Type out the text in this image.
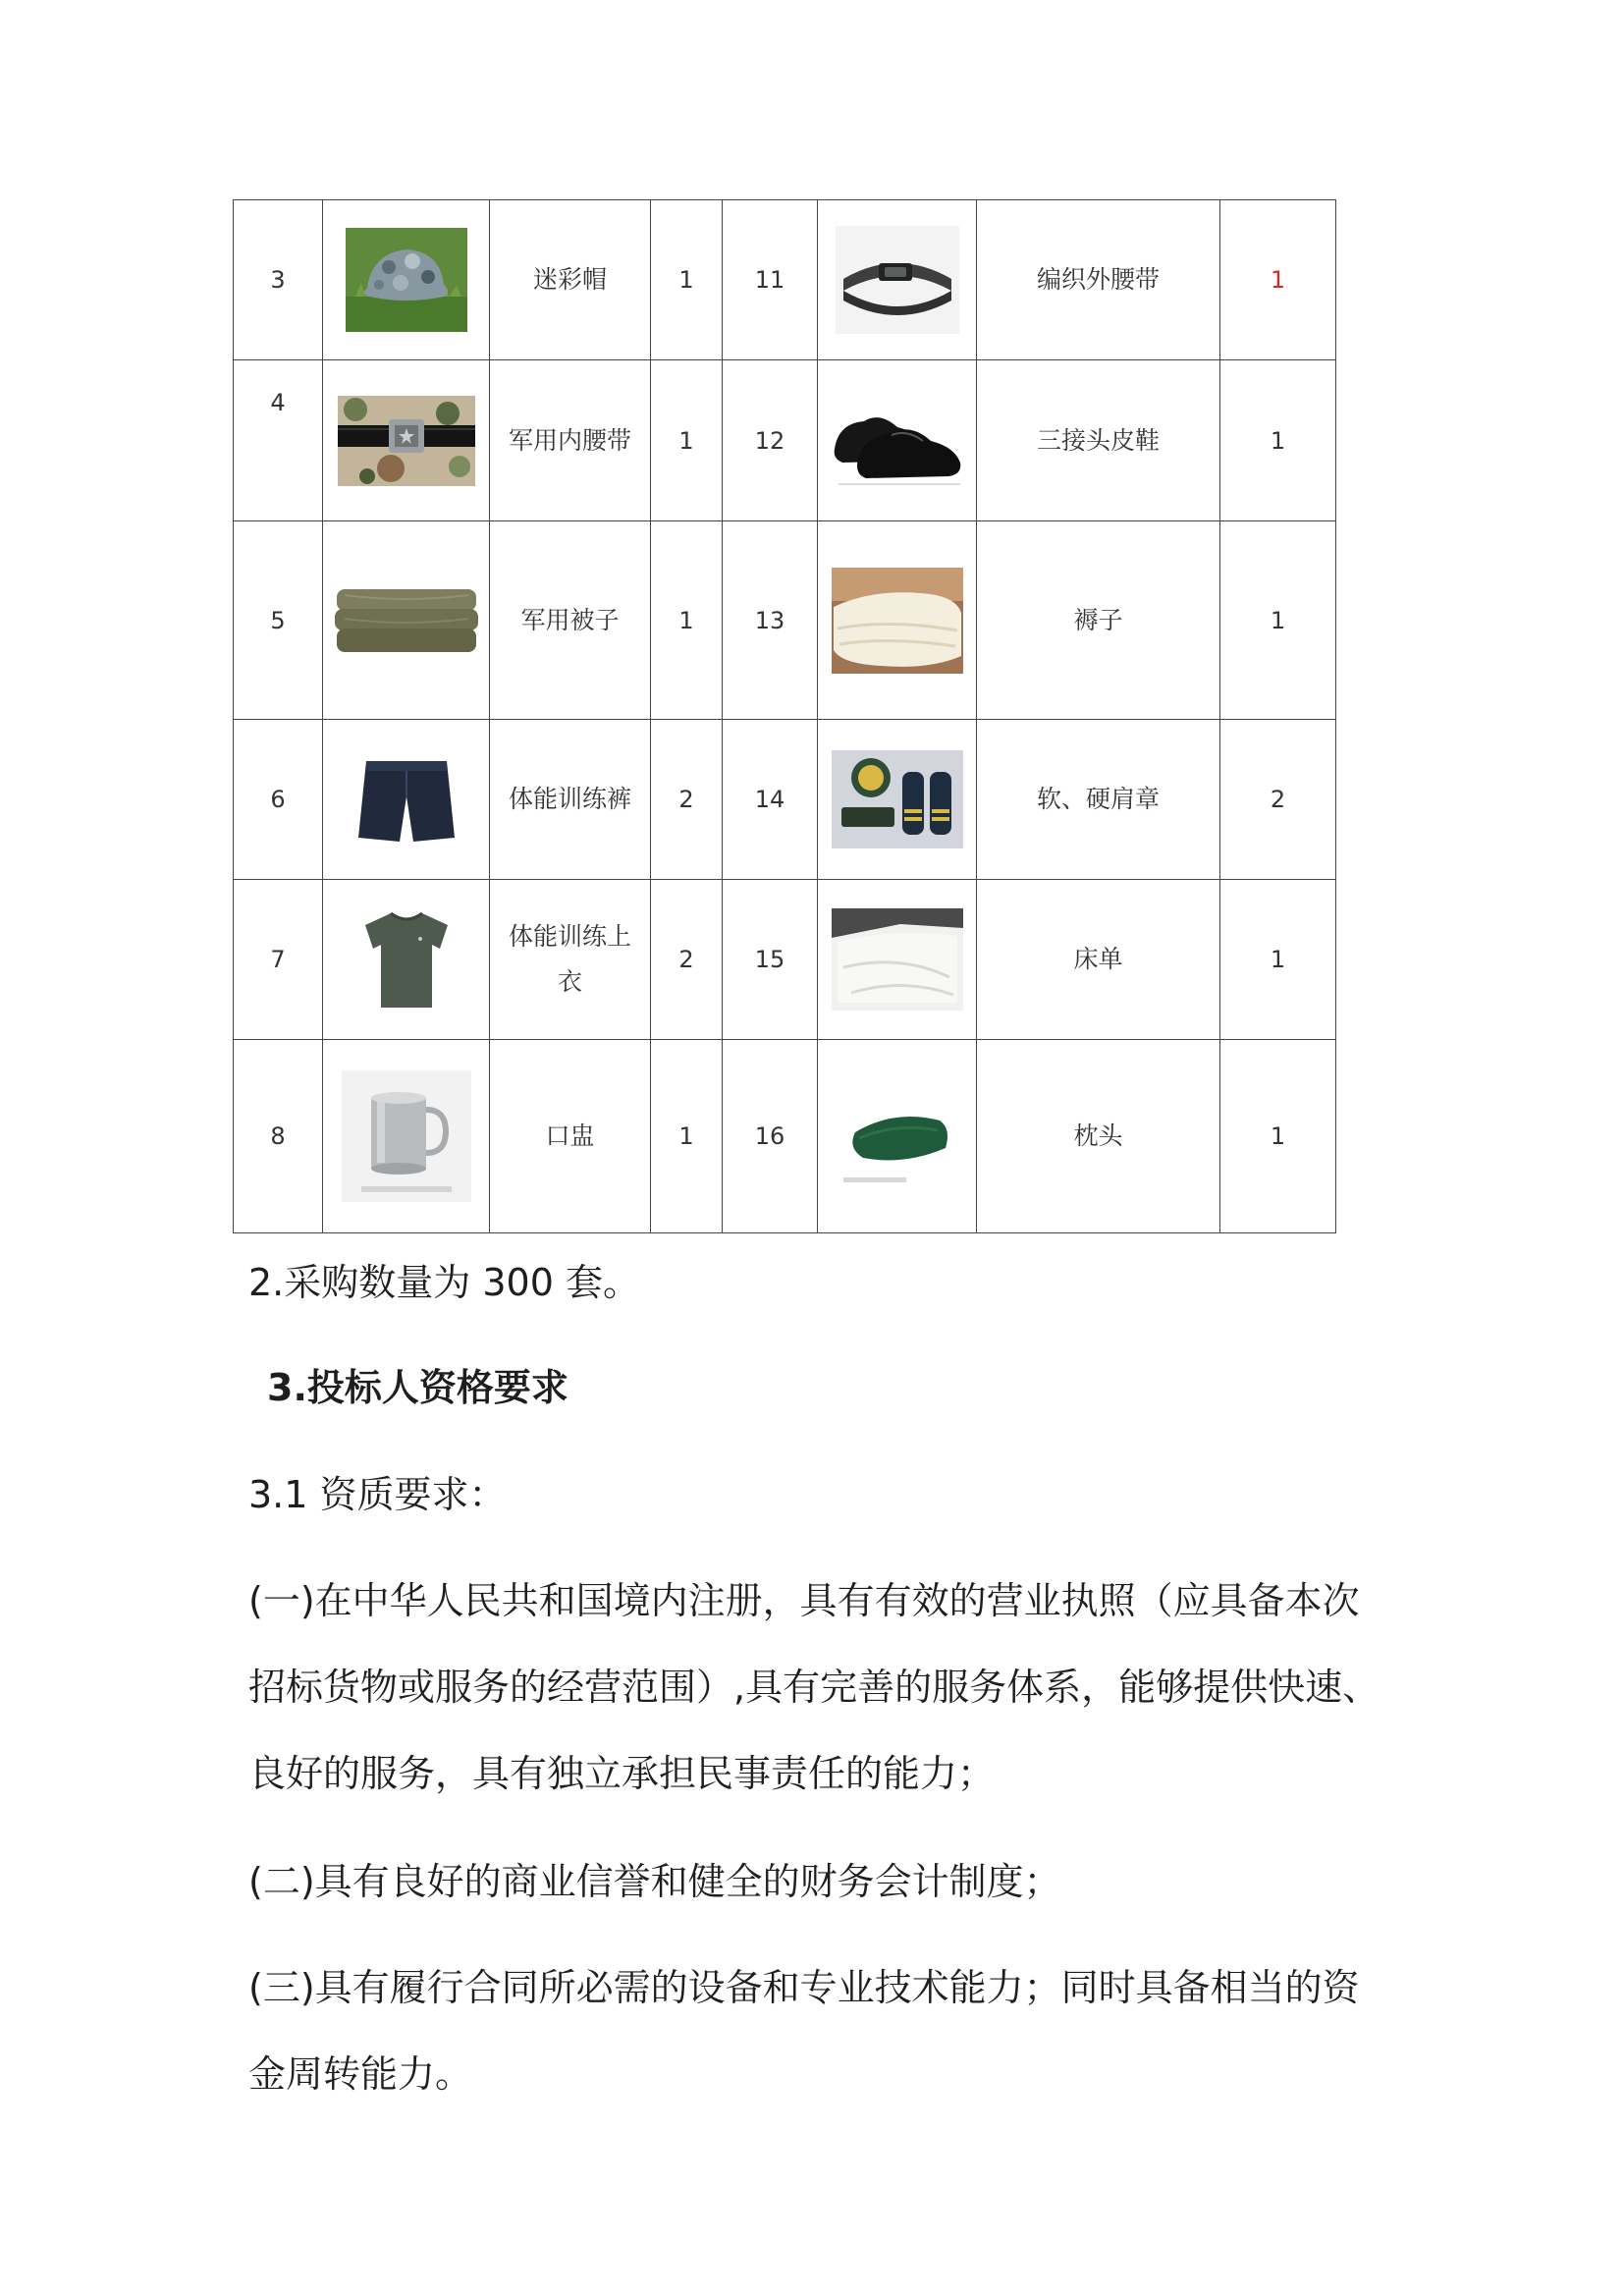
3		迷彩帽	1	11		编织外腰带	1
4		军用内腰带	1	12		三接头皮鞋	1
5		军用被子	1	13		褥子	1
6		体能训练裤	2	14		软、硬肩章	2
7		体能训练上衣	2	15		床单	1
8		口盅	1	16		枕头	1

2.采购数量为 300 套。

3.投标人资格要求

3.1 资质要求：

(一)在中华人民共和国境内注册，具有有效的营业执照（应具备本次招标货物或服务的经营范围）,具有完善的服务体系，能够提供快速、良好的服务，具有独立承担民事责任的能力；

(二)具有良好的商业信誉和健全的财务会计制度；

(三)具有履行合同所必需的设备和专业技术能力；同时具备相当的资金周转能力。
